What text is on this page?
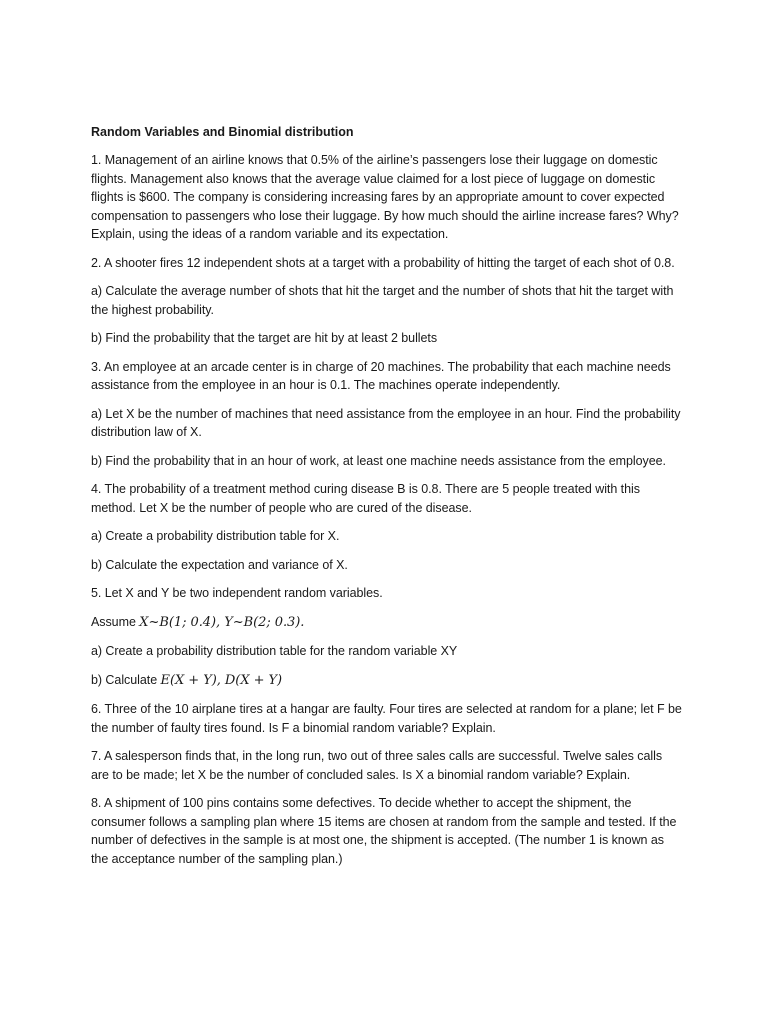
Random Variables and Binomial distribution

1. Management of an airline knows that 0.5% of the airline’s passengers lose their luggage on domestic flights. Management also knows that the average value claimed for a lost piece of luggage on domestic flights is $600. The company is considering increasing fares by an appropriate amount to cover expected compensation to passengers who lose their luggage. By how much should the airline increase fares? Why? Explain, using the ideas of a random variable and its expectation.

2. A shooter fires 12 independent shots at a target with a probability of hitting the target of each shot of 0.8.

a) Calculate the average number of shots that hit the target and the number of shots that hit the target with the highest probability.

b) Find the probability that the target are hit by at least 2 bullets

3. An employee at an arcade center is in charge of 20 machines. The probability that each machine needs assistance from the employee in an hour is 0.1. The machines operate independently.

a) Let X be the number of machines that need assistance from the employee in an hour. Find the probability distribution law of X.

b) Find the probability that in an hour of work, at least one machine needs assistance from the employee.

4. The probability of a treatment method curing disease B is 0.8. There are 5 people treated with this method. Let X be the number of people who are cured of the disease.

a) Create a probability distribution table for X.

b) Calculate the expectation and variance of X.

5. Let X and Y be two independent random variables.

Assume X~B(1; 0.4), Y~B(2; 0.3).

a) Create a probability distribution table for the random variable XY

b) Calculate E(X + Y), D(X + Y)

6. Three of the 10 airplane tires at a hangar are faulty. Four tires are selected at random for a plane; let F be the number of faulty tires found. Is F a binomial random variable? Explain.

7. A salesperson finds that, in the long run, two out of three sales calls are successful. Twelve sales calls are to be made; let X be the number of concluded sales. Is X a binomial random variable? Explain.

8. A shipment of 100 pins contains some defectives. To decide whether to accept the shipment, the consumer follows a sampling plan where 15 items are chosen at random from the sample and tested. If the number of defectives in the sample is at most one, the shipment is accepted. (The number 1 is known as the acceptance number of the sampling plan.)
